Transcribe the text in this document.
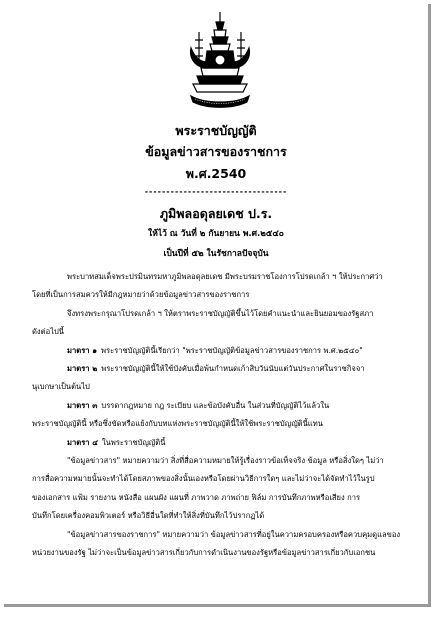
พระราชบัญญัติ
ข้อมูลข่าวสารของราชการ
พ.ศ.2540
---------------------------------
ภูมิพลอดุลยเดช ป.ร.
ให้ไว้ ณ วันที่ ๒ กันยายน พ.ศ.๒๕๔๐
เป็นปีที่ ๕๒ ในรัชกาลปัจจุบัน
พระบาทสมเด็จพระปรมินทรมหาภูมิพลอดุลยเดช มีพระบรมราชโองการโปรดเกล้า ฯ ให้ประกาศว่า
โดยที่เป็นการสมควรให้มีกฎหมายว่าด้วยข้อมูลข่าวสารของราชการ
จึงทรงพระกรุณาโปรดเกล้า ฯ ให้ตราพระราชบัญญัติขึ้นไว้โดยคำแนะนำและยินยอมของรัฐสภา
ดังต่อไปนี้
มาตรา ๑ พระราชบัญญัตินี้เรียกว่า "พระราชบัญญัติข้อมูลข่าวสารของราชการ พ.ศ.๒๕๔๐"
มาตรา ๒ พระราชบัญญัตินี้ให้ใช้บังคับเมื่อพ้นกำหนดเก้าสิบวันนับแต่วันประกาศในราชกิจจา
นุเบกษาเป็นต้นไป
มาตรา ๓ บรรดากฎหมาย กฎ ระเบียบ และข้อบังคับอื่น ในส่วนที่บัญญัติไว้แล้วใน
พระราชบัญญัตินี้ หรือซึ่งขัดหรือแย้งกับบทแห่งพระราชบัญญัตินี้ให้ใช้พระราชบัญญัตินี้แทน
มาตรา ๔ ในพระราชบัญญัตินี้
"ข้อมูลข่าวสาร" หมายความว่า สิ่งที่สื่อความหมายให้รู้เรื่องราวข้อเท็จจริง ข้อมูล หรือสิ่งใดๆ ไม่ว่า
การสื่อความหมายนั้นจะทำได้โดยสภาพของสิ่งนั้นเองหรือโดยผ่านวิธีการใดๆ และไม่ว่าจะได้จัดทำไว้ในรูป
ของเอกสาร แฟ้ม รายงาน หนังสือ แผนผัง แผนที่ ภาพวาด ภาพถ่าย ฟิล์ม การบันทึกภาพหรือเสียง การ
บันทึกโดยเครื่องคอมพิวเตอร์ หรือวิธีอื่นใดที่ทำให้สิ่งที่บันทึกไว้ปรากฏได้
"ข้อมูลข่าวสารของราชการ" หมายความว่า ข้อมูลข่าวสารที่อยู่ในความครอบครองหรือควบคุมดูแลของ
หน่วยงานของรัฐ ไม่ว่าจะเป็นข้อมูลข่าวสารเกี่ยวกับการดำเนินงานของรัฐหรือข้อมูลข่าวสารเกี่ยวกับเอกชน
